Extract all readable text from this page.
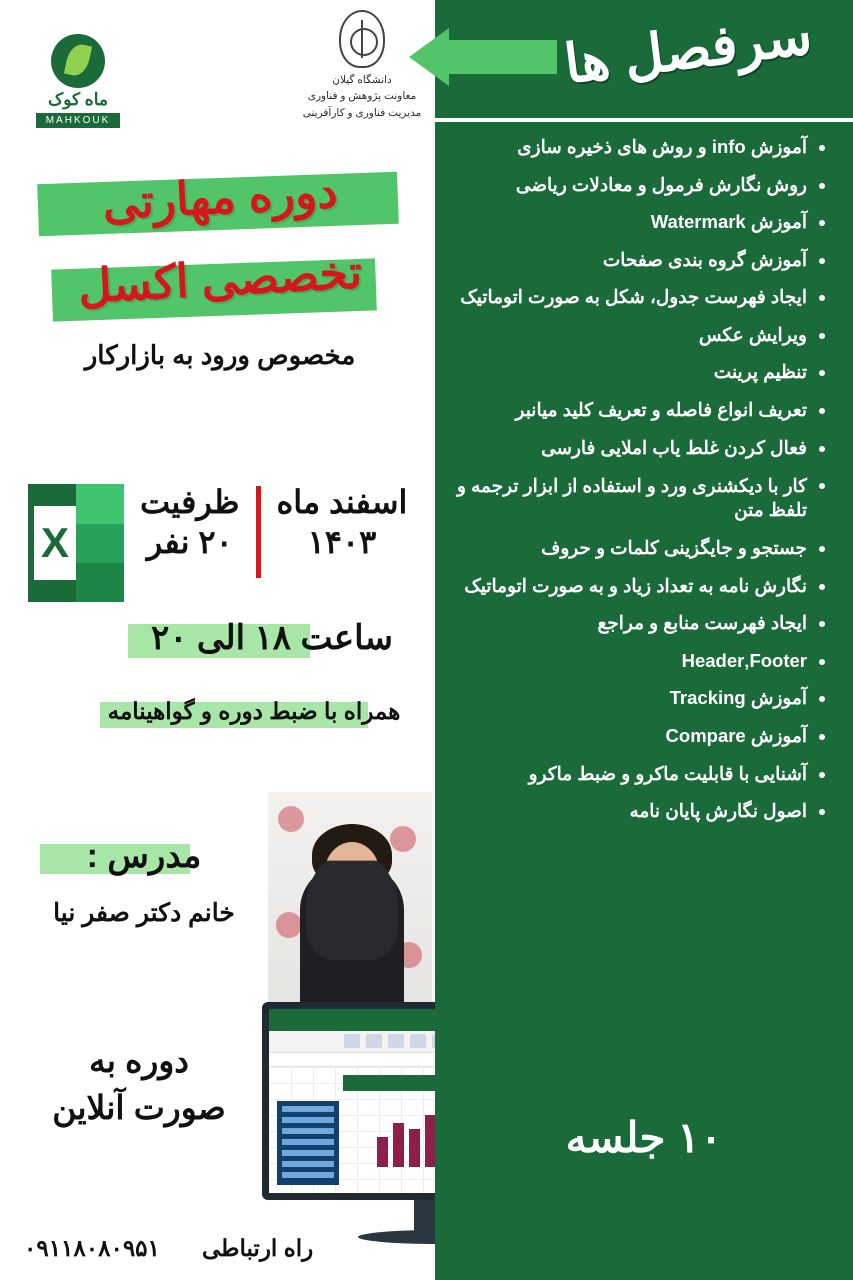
ماه کوک
MAHKOUK
دانشگاه گیلان
معاونت پژوهش و فناوری
مدیریت فناوری و کارآفرینی
دوره مهارتی
تخصصی اکسل
مخصوص ورود به بازارکار
X
ظرفیت
۲۰ نفر
اسفند ماه
۱۴۰۳
ساعت ۱۸ الی ۲۰
همراه با ضبط دوره و گواهینامه
مدرس :
خانم دکتر صفر نیا
دوره به
صورت آنلاین
۰۹۱۱۸۰۸۰۹۵۱ راه ارتباطی
سرفصل ها
آموزش info و روش های ذخیره سازی
روش نگارش فرمول و معادلات ریاضی
آموزش Watermark
آموزش گروه بندی صفحات
ایجاد فهرست جدول، شکل به صورت اتوماتیک
ویرایش عکس
تنظیم پرینت
تعریف انواع فاصله و تعریف کلید میانبر
فعال کردن غلط یاب املایی فارسی
کار با دیکشنری ورد و استفاده از ابزار ترجمه و تلفظ متن
جستجو و جایگزینی کلمات و حروف
نگارش نامه به تعداد زیاد و به صورت اتوماتیک
ایجاد فهرست منابع و مراجع
Header‚Footer
آموزش Tracking
آموزش Compare
آشنایی با قابلیت ماکرو و ضبط ماکرو
اصول نگارش پایان نامه
۱۰ جلسه
